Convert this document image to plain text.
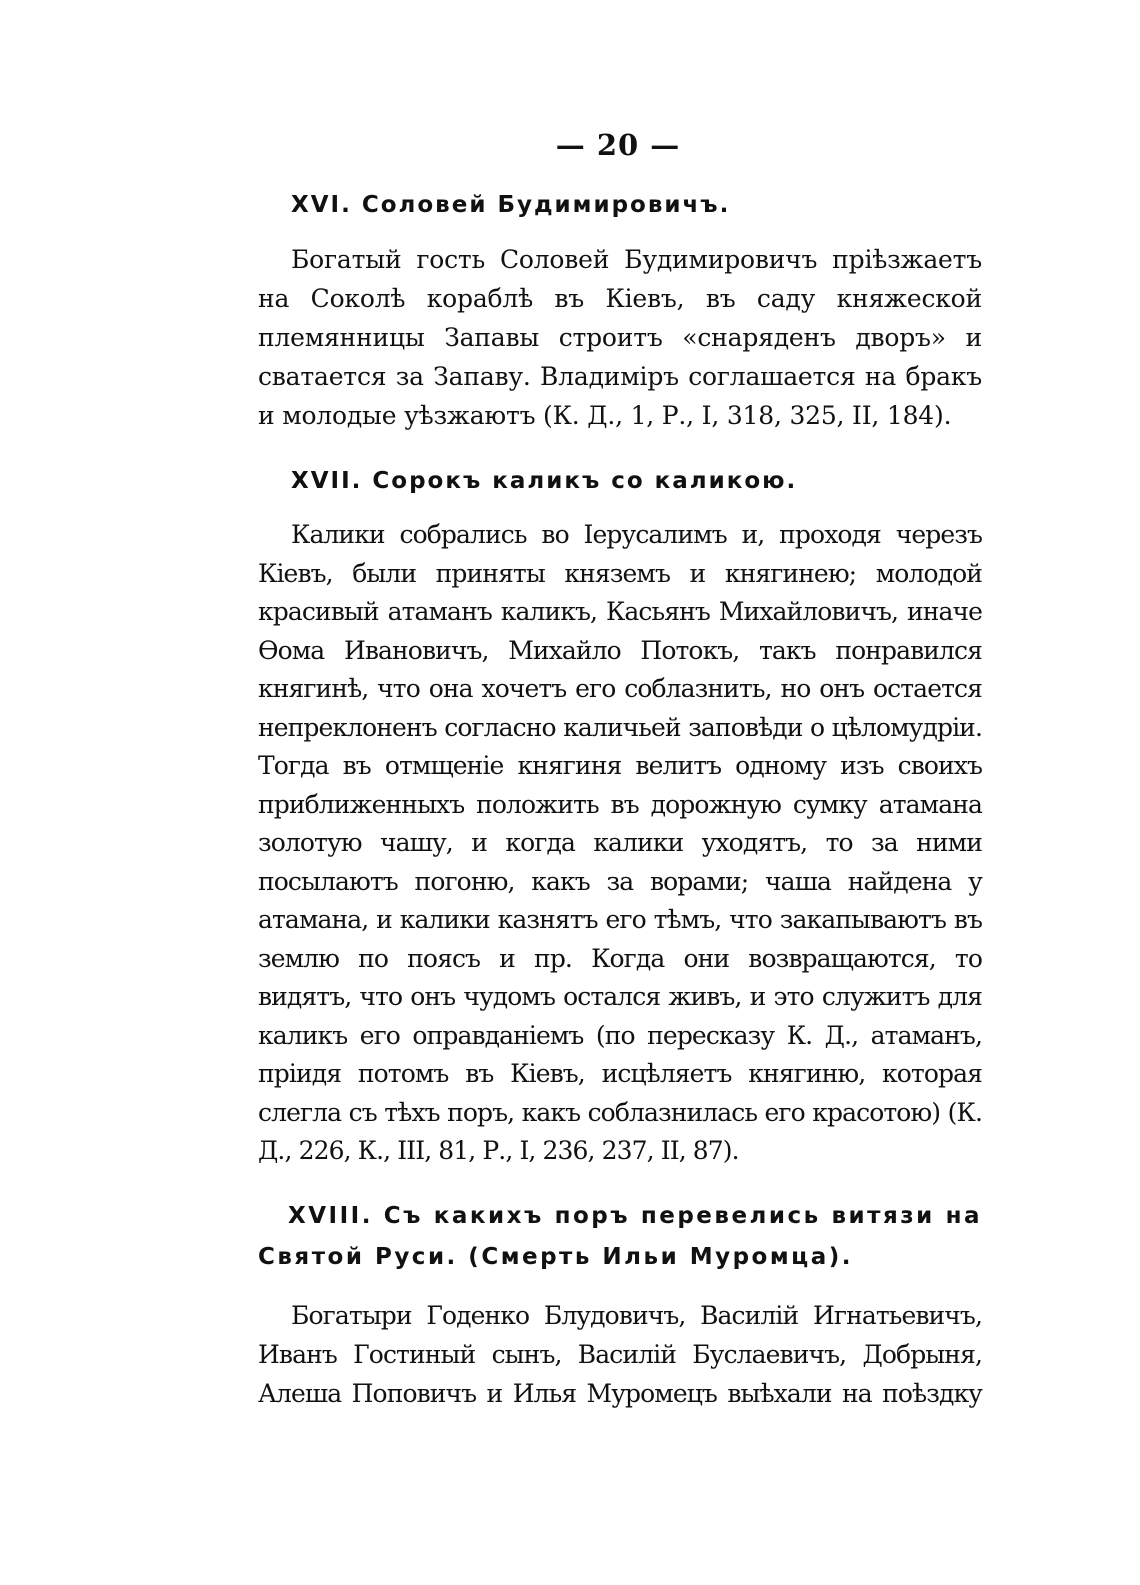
— 20 —

XVI. Соловей Будимировичъ.

Богатый гость Соловей Будимировичъ пріѣзжаетъ на Соколѣ кораблѣ въ Кіевъ, въ саду княжеской племянницы Запавы строитъ «снаряденъ дворъ» и сватается за Запаву. Владиміръ соглашается на бракъ и молодые уѣзжаютъ (К. Д., 1, Р., I, 318, 325, II, 184).

XVII. Сорокъ каликъ со каликою.

Калики собрались во Іерусалимъ и, проходя черезъ Кіевъ, были приняты княземъ и княгинею; молодой красивый атаманъ каликъ, Касьянъ Михайловичъ, иначе Ѳома Ивановичъ, Михайло Потокъ, такъ понравился княгинѣ, что она хочетъ его соблазнить, но онъ остается непреклоненъ согласно каличьей заповѣди о цѣломудріи. Тогда въ отмщеніе княгиня велитъ одному изъ своихъ приближенныхъ положить въ дорожную сумку атамана золотую чашу, и когда калики уходятъ, то за ними посылаютъ погоню, какъ за ворами; чаша найдена у атамана, и калики казнятъ его тѣмъ, что закапываютъ въ землю по поясъ и пр. Когда они возвращаются, то видятъ, что онъ чудомъ остался живъ, и это служитъ для каликъ его оправданіемъ (по пересказу К. Д., атаманъ, пріидя потомъ въ Кіевъ, исцѣляетъ княгиню, которая слегла съ тѣхъ поръ, какъ соблазнилась его красотою) (К. Д., 226, К., III, 81, Р., I, 236, 237, II, 87).

XVIII. Съ какихъ поръ перевелись витязи на Святой Руси. (Смерть Ильи Муромца).

Богатыри Годенко Блудовичъ, Василій Игнатьевичъ, Иванъ Гостиный сынъ, Василій Буслаевичъ, Добрыня, Алеша Поповичъ и Илья Муромецъ выѣхали на поѣздку
